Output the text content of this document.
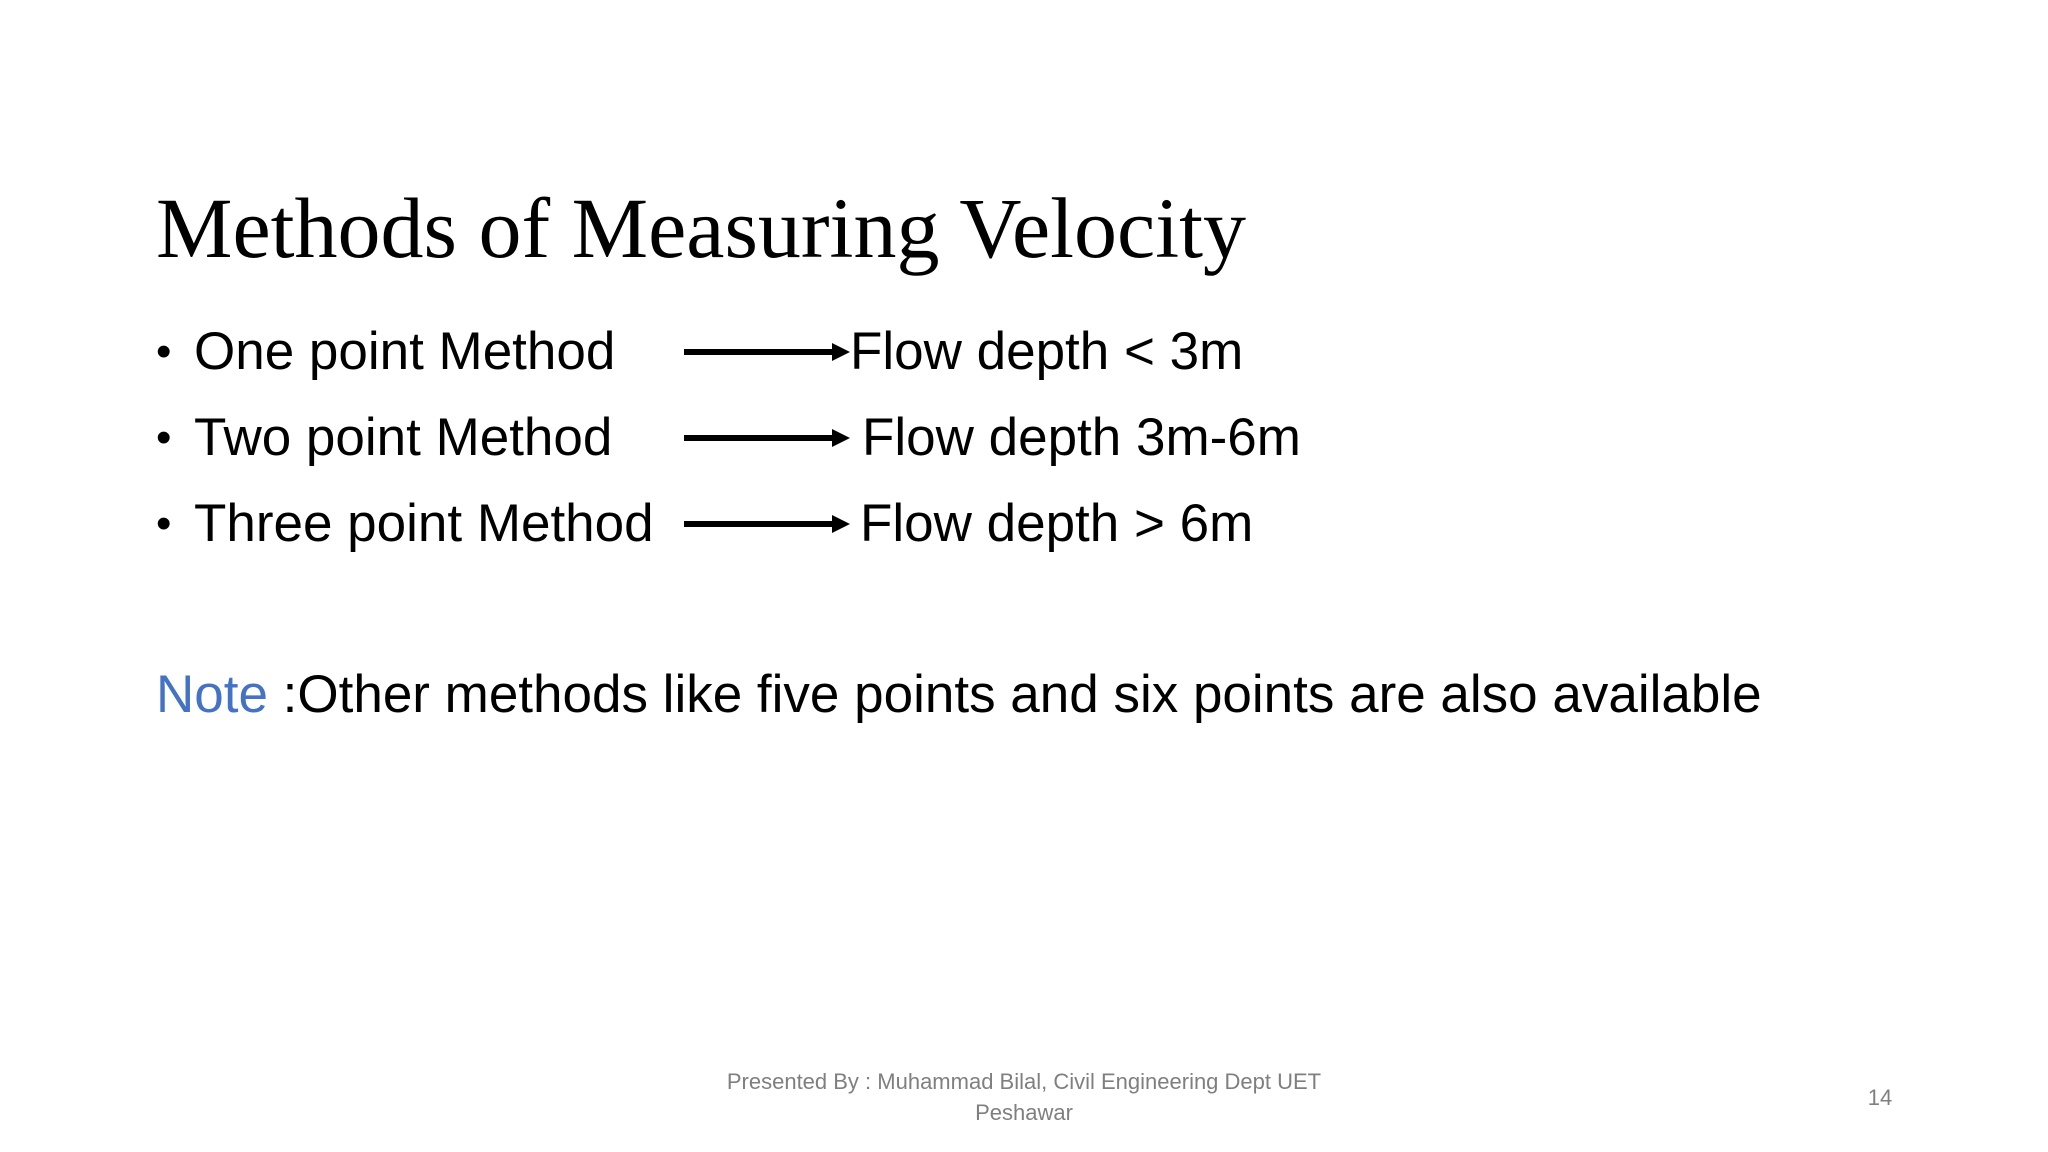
Methods of Measuring Velocity
• One point Method	Flow depth < 3m
• Two point Method	Flow depth 3m-6m
• Three point Method	Flow depth > 6m

Note :Other methods like five points and six points are also available

Presented By : Muhammad Bilal, Civil Engineering Dept UET
Peshawar
14
